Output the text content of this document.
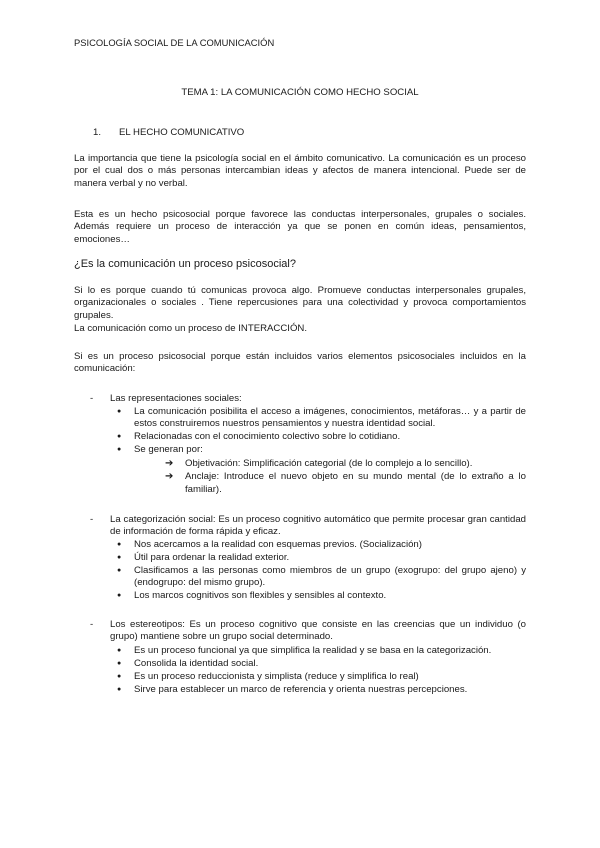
PSICOLOGÍA SOCIAL DE LA COMUNICACIÓN
TEMA 1: LA COMUNICACIÓN COMO HECHO SOCIAL
1. EL HECHO COMUNICATIVO
La importancia que tiene la psicología social en el ámbito comunicativo. La comunicación es un proceso por el cual dos o más personas intercambian ideas y afectos de manera intencional. Puede ser de manera verbal y no verbal.
Esta es un hecho psicosocial porque favorece las conductas interpersonales, grupales o sociales. Además requiere un proceso de interacción ya que se ponen en común ideas, pensamientos, emociones…
¿Es la comunicación un proceso psicosocial?
Si lo es porque cuando tú comunicas provoca algo. Promueve conductas interpersonales grupales, organizacionales o sociales . Tiene repercusiones para una colectividad y provoca comportamientos grupales.
La comunicación como un proceso de INTERACCIÓN.
Si es un proceso psicosocial porque están incluidos varios elementos psicosociales incluidos en la comunicación:
- Las representaciones sociales:
● La comunicación posibilita el acceso a imágenes, conocimientos, metáforas… y a partir de estos construiremos nuestros pensamientos y nuestra identidad social.
● Relacionadas con el conocimiento colectivo sobre lo cotidiano.
● Se generan por:
➔ Objetivación: Simplificación categorial (de lo complejo a lo sencillo).
➔ Anclaje: Introduce el nuevo objeto en su mundo mental (de lo extraño a lo familiar).
- La categorización social: Es un proceso cognitivo automático que permite procesar gran cantidad de información de forma rápida y eficaz.
● Nos acercamos a la realidad con esquemas previos. (Socialización)
● Útil para ordenar la realidad exterior.
● Clasificamos a las personas como miembros de un grupo (exogrupo: del grupo ajeno) y (endogrupo: del mismo grupo).
● Los marcos cognitivos son flexibles y sensibles al contexto.
- Los estereotipos: Es un proceso cognitivo que consiste en las creencias que un individuo (o grupo) mantiene sobre un grupo social determinado.
● Es un proceso funcional ya que simplifica la realidad y se basa en la categorización.
● Consolida la identidad social.
● Es un proceso reduccionista y simplista (reduce y simplifica lo real)
● Sirve para establecer un marco de referencia y orienta nuestras percepciones.
